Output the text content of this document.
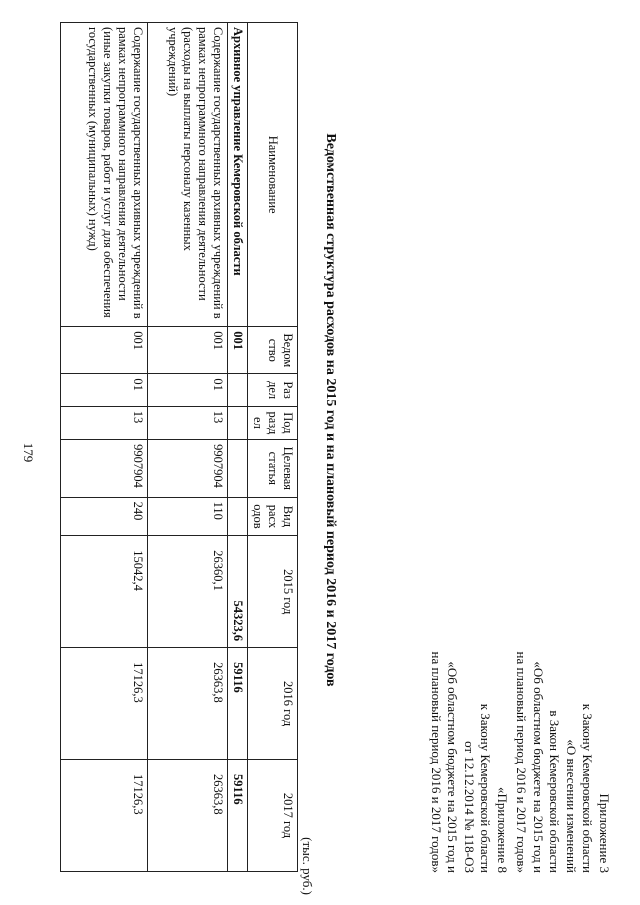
Приложение 3
к Закону Кемеровской области
«О внесении изменений
в Закон Кемеровской области
«Об областном бюджете на 2015 год и
на плановый период 2016 и 2017 годов»
«Приложение 8
к Закону Кемеровской области
от 12.12.2014 № 118-ОЗ
«Об областном бюджете на 2015 год и
на плановый период 2016 и 2017 годов»
Ведомственная структура расходов на 2015 год и на плановый период 2016 и 2017 годов
(тыс. руб.)
Наименование	Ведом ство	Раз дел	Под разд ел	Целевая статья	Вид расх одов	2015 год	2016 год	2017 год
Архивное управление Кемеровской области	001					54323,6	59116	59116
Содержание государственных архивных учреждений в рамках непрограммного направления деятельности (расходы на выплаты персоналу казенных учреждений)	001	01	13	9907904	110	26360,1	26363,8	26363,8
Содержание государственных архивных учреждений в рамках непрограммного направления деятельности (иные закупки товаров, работ и услуг для обеспечения государственных (муниципальных) нужд)	001	01	13	9907904	240	15042,4	17126,3	17126,3
179
